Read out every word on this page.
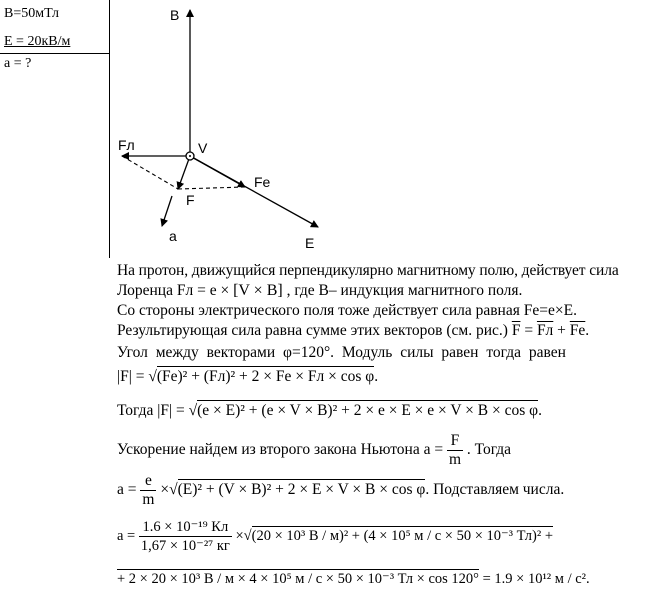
B=50мТл
E = 20кВ/м
a = ?
B
V
Fл
Fe
F
a	E
На протон, движущийся перпендикулярно магнитному полю, действует сила
Лоренца Fл = e × [V × B] , где B– индукция магнитного поля.
Со стороны электрического поля тоже действует сила равная Fe=e×E.
Результирующая сила равна сумме этих векторов (см. рис.) $\overline{F}$ = Fл + $\overline{Fe}$.
Угол между векторами φ=120°. Модуль силы равен тогда равен
|F| = √(Fe)² + (Fл)² + 2 × Fe × Fл × cos φ.
Тогда |F| = √(e × E)² + (e × V × B)² + 2 × e × E × e × V × B × cos φ.
Ускорение найдем из второго закона Ньютона $a = \frac{F}{m}$ . Тогда
$a = \frac{e}{m} \times√(E)^2 + (V \times B)^2 + 2 \times E \times V \times B \times \cos \varphi$. Подставляем числа.
$a = \frac{\text{1.6 × 10⁻¹⁹ Кл}}{\text{1,67 × 10⁻²⁷ кг}} \times√(20 \times 10^3$ В / м)² + (4 × 10⁵ м / с × 50 × 10⁻³ Тл)² +
+ 2 × 20 × 10³ В / м × 4 × 10⁵ м / с × 50 × 10⁻³ Тл × cos 120° = 1.9 × 10¹² м / с².
